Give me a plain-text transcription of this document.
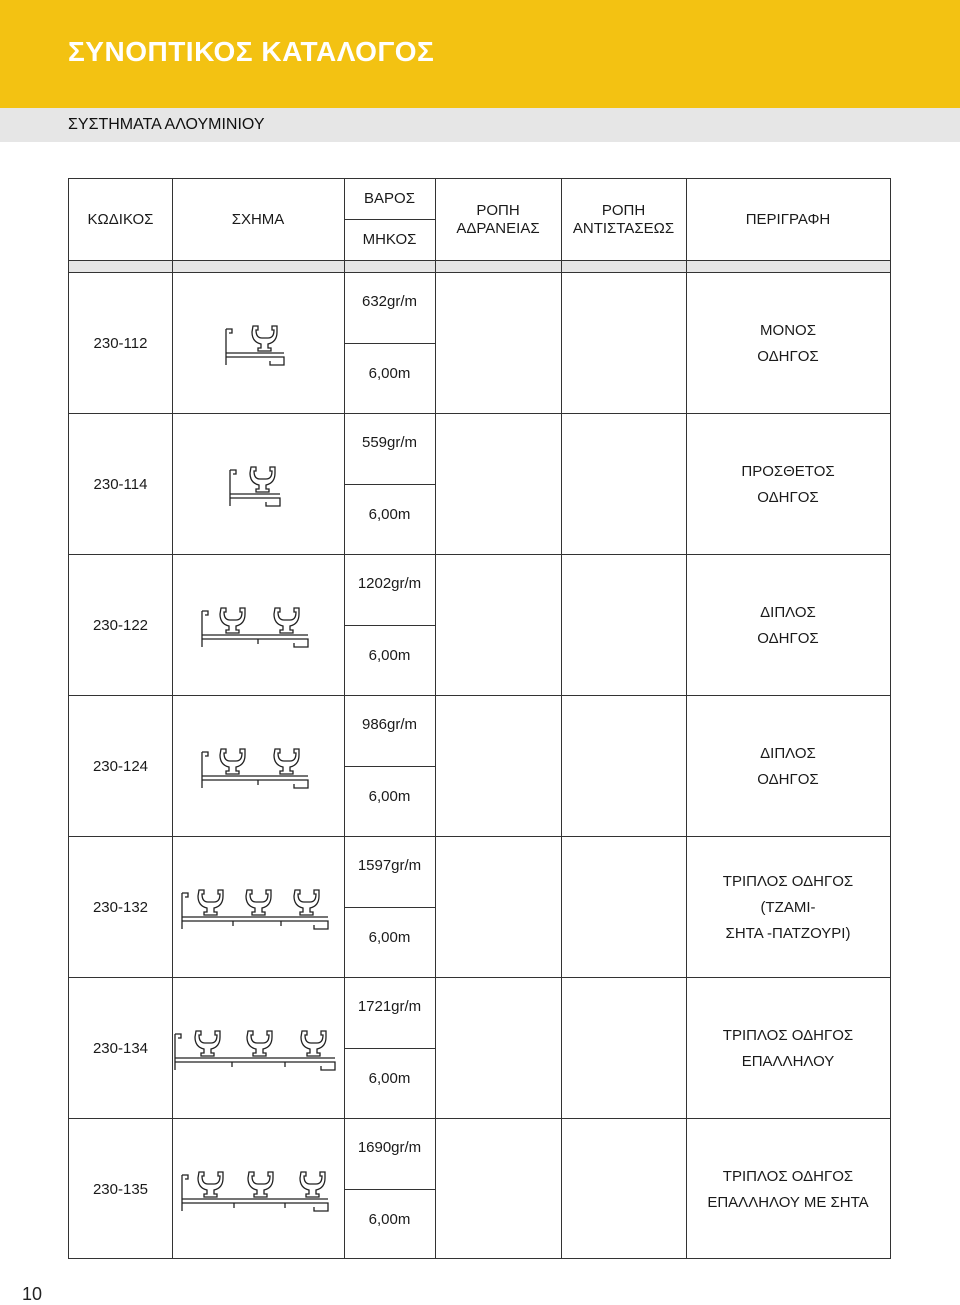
ΣΥΝΟΠΤΙΚΟΣ ΚΑΤΑΛΟΓΟΣ
ΣΥΣΤΗΜΑΤΑ ΑΛΟΥΜΙΝΙΟΥ
ΚΩΔΙΚΟΣ	ΣΧΗΜΑ
ΒΑΡΟΣ
ΜΗΚΟΣ
ΡΟΠΗ
ΑΔΡΑΝΕΙΑΣ
ΡΟΠΗ
ΑΝΤΙΣΤΑΣΕΩΣ
ΠΕΡΙΓΡΑΦΗ
230-112
632gr/m
6,00m
ΜΟΝΟΣ
ΟΔΗΓΟΣ
230-114
559gr/m
6,00m
ΠΡΟΣΘΕΤΟΣ
ΟΔΗΓΟΣ
230-122
1202gr/m
6,00m
ΔΙΠΛΟΣ
ΟΔΗΓΟΣ
230-124
986gr/m
6,00m
ΔΙΠΛΟΣ
ΟΔΗΓΟΣ
230-132
1597gr/m
6,00m
ΤΡΙΠΛΟΣ ΟΔΗΓΟΣ
(ΤΖΑΜΙ-
ΣΗΤΑ -ΠΑΤΖΟΥΡΙ)
230-134
1721gr/m
6,00m
ΤΡΙΠΛΟΣ ΟΔΗΓΟΣ
ΕΠΑΛΛΗΛΟΥ
230-135
1690gr/m
6,00m
ΤΡΙΠΛΟΣ ΟΔΗΓΟΣ
ΕΠΑΛΛΗΛΟΥ ΜΕ ΣΗΤΑ
10
